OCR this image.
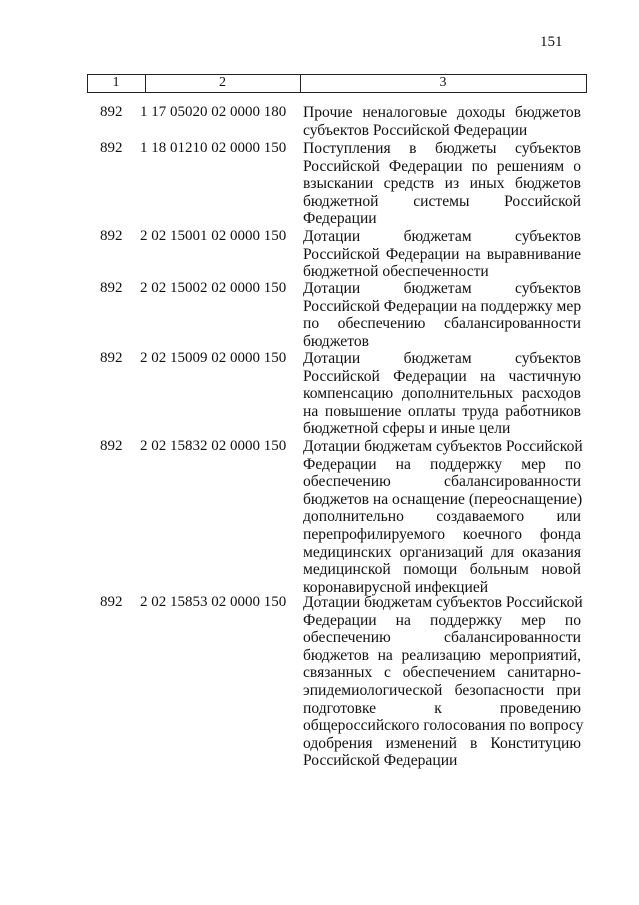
151
1	2	3
892	1 17 05020 02 0000 180	Прочие неналоговые доходы бюджетов
субъектов Российской Федерации
892	1 18 01210 02 0000 150	Поступления в бюджеты субъектов
Российской Федерации по решениям о
взыскании средств из иных бюджетов
бюджетной системы Российской
Федерации
892	2 02 15001 02 0000 150	Дотации бюджетам субъектов
Российской Федерации на выравнивание
бюджетной обеспеченности
892	2 02 15002 02 0000 150	Дотации бюджетам субъектов
Российской Федерации на поддержку мер
по обеспечению сбалансированности
бюджетов
892	2 02 15009 02 0000 150	Дотации бюджетам субъектов
Российской Федерации на частичную
компенсацию дополнительных расходов
на повышение оплаты труда работников
бюджетной сферы и иные цели
892	2 02 15832 02 0000 150	Дотации бюджетам субъектов Российской
Федерации на поддержку мер по
обеспечению сбалансированности
бюджетов на оснащение (переоснащение)
дополнительно создаваемого или
перепрофилируемого коечного фонда
медицинских организаций для оказания
медицинской помощи больным новой
коронавирусной инфекцией
892	2 02 15853 02 0000 150	Дотации бюджетам субъектов Российской
Федерации на поддержку мер по
обеспечению сбалансированности
бюджетов на реализацию мероприятий,
связанных с обеспечением санитарно-
эпидемиологической безопасности при
подготовке к проведению
общероссийского голосования по вопросу
одобрения изменений в Конституцию
Российской Федерации
